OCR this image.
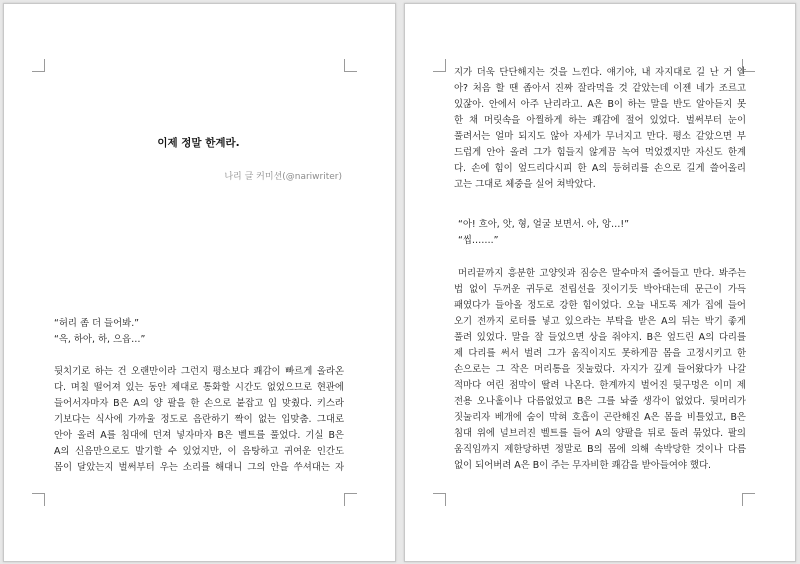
이제 정말 한계라.
나리 글 커미션(@nariwriter)
“허리 좀 더 들어봐.”
“윽, 하아, 하, 으읍…”
뒷치기로 하는 건 오랜만이라 그런지 평소보다 쾌감이 빠르게 올라온
다. 며칠 떨어져 있는 동안 제대로 통화할 시간도 없었으므로 현관에
들어서자마자 B은 A의 양 팔을 한 손으로 붙잡고 입 맞췄다. 키스라
기보다는 식사에 가까울 정도로 음란하기 짝이 없는 입맞춤. 그대로
안아 올려 A를 침대에 던져 넣자마자 B은 벨트를 풀었다. 기실 B은
A의 신음만으로도 발기할 수 있었지만, 이 음탕하고 귀여운 인간도
몸이 달았는지 벌써부터 우는 소리를 해대니 그의 안을 쑤셔대는 자
지가 더욱 단단해지는 것을 느낀다. 얘기야, 내 자지대로 길 난 거 알
아? 처음 할 땐 좁아서 진짜 잘라먹을 것 같았는데 이젠 네가 조르고
있잖아. 안에서 아주 난리라고. A은 B이 하는 말을 반도 알아듣지 못
한 채 머릿속을 아찔하게 하는 쾌감에 절어 있었다. 벌써부터 눈이
풀려서는 얼마 되지도 않아 자세가 무너지고 만다. 평소 같았으면 부
드럽게 안아 올려 그가 힘들지 않게끔 녹여 먹었겠지만 자신도 한계
다. 손에 힘이 엎드리다시피 한 A의 등허리를 손으로 길게 쓸어올리
고는 그대로 체중을 실어 쳐박았다.
“아! 흐아, 앗, 형, 얼굴 보면서. 아, 앙…!”
“씹…….”
머리끝까지 흥분한 고양잇과 짐승은 말수마저 줄어들고 만다. 봐주는
법 없이 두꺼운 귀두로 전립선을 짓이기듯 박아대는데 문근이 가득
패였다가 들아올 정도로 강한 힘이었다. 오늘 내도록 제가 집에 들어
오기 전까지 로터를 넣고 있으라는 부탁을 받은 A의 뒤는 박기 좋게
풀려 있었다. 말을 잘 들었으면 상을 줘야지. B은 엎드린 A의 다리를
제 다리를 써서 벌려 그가 움직이지도 못하게끔 몸을 고정시키고 한
손으로는 그 작은 머리통을 짓눌렀다. 자지가 깊게 들어왔다가 나갈
적마다 여린 점막이 딸려 나온다. 한계까지 벌어진 뒷구멍은 이미 제
전용 오나홀이나 다름없었고 B은 그를 놔줄 생각이 없었다. 뒷머리가
짓눌리자 베개에 숨이 막혀 호흡이 곤란해진 A은 몸을 비틀었고, B은
침대 위에 널브러진 벨트를 들어 A의 양팔을 뒤로 돌려 묶었다. 팔의
움직임까지 제한당하면 정말로 B의 몸에 의해 속박당한 것이나 다름
없이 되어버려 A은 B이 주는 무자비한 쾌감을 받아들여야 했다.
